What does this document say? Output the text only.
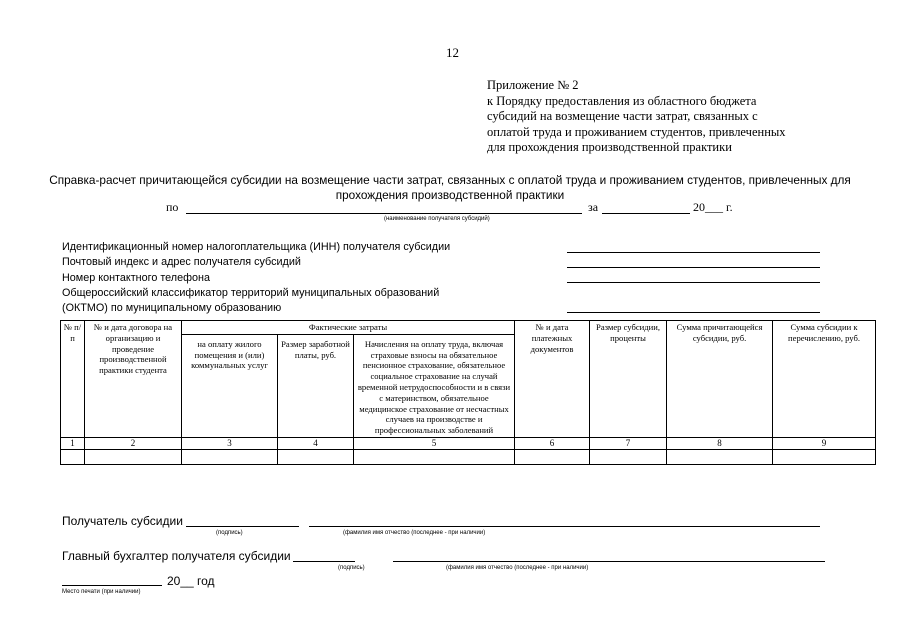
12
Приложение № 2
к Порядку предоставления из областного бюджета
субсидий на возмещение части затрат, связанных с
оплатой труда и проживанием студентов, привлеченных
для прохождения производственной практики
Справка-расчет причитающейся субсидии на возмещение части затрат, связанных с оплатой труда и проживанием студентов, привлеченных для прохождения производственной практики
по	за	20___ г.
(наименование получателя субсидий)
Идентификационный номер налогоплательщика (ИНН) получателя субсидии
Почтовый индекс и адрес получателя субсидий
Номер контактного телефона
Общероссийский классификатор территорий муниципальных образований
(ОКТМО) по муниципальному образованию
№ п/п	№ и дата договора на организацию и проведение производственной практики студента	Фактические затраты			№ и дата платежных документов	Размер субсидии, проценты	Сумма причитающейся субсидии, руб.	Сумма субсидии к перечислению, руб.
		на оплату жилого помещения и (или) коммунальных услуг	Размер заработной платы, руб.	Начисления на оплату труда, включая страховые взносы на обязательное пенсионное страхование, обязательное социальное страхование на случай временной нетрудоспособности и в связи с материнством, обязательное медицинское страхование от несчастных случаев на производстве и профессиональных заболеваний				
1	2	3	4	5	6	7	8	9

Получатель субсидии
(подпись)	(фамилия имя отчество (последнее - при наличии)
Главный бухгалтер получателя субсидии
(подпись)	(фамилия имя отчество (последнее - при наличии)
20__ год
Место печати (при наличии)
